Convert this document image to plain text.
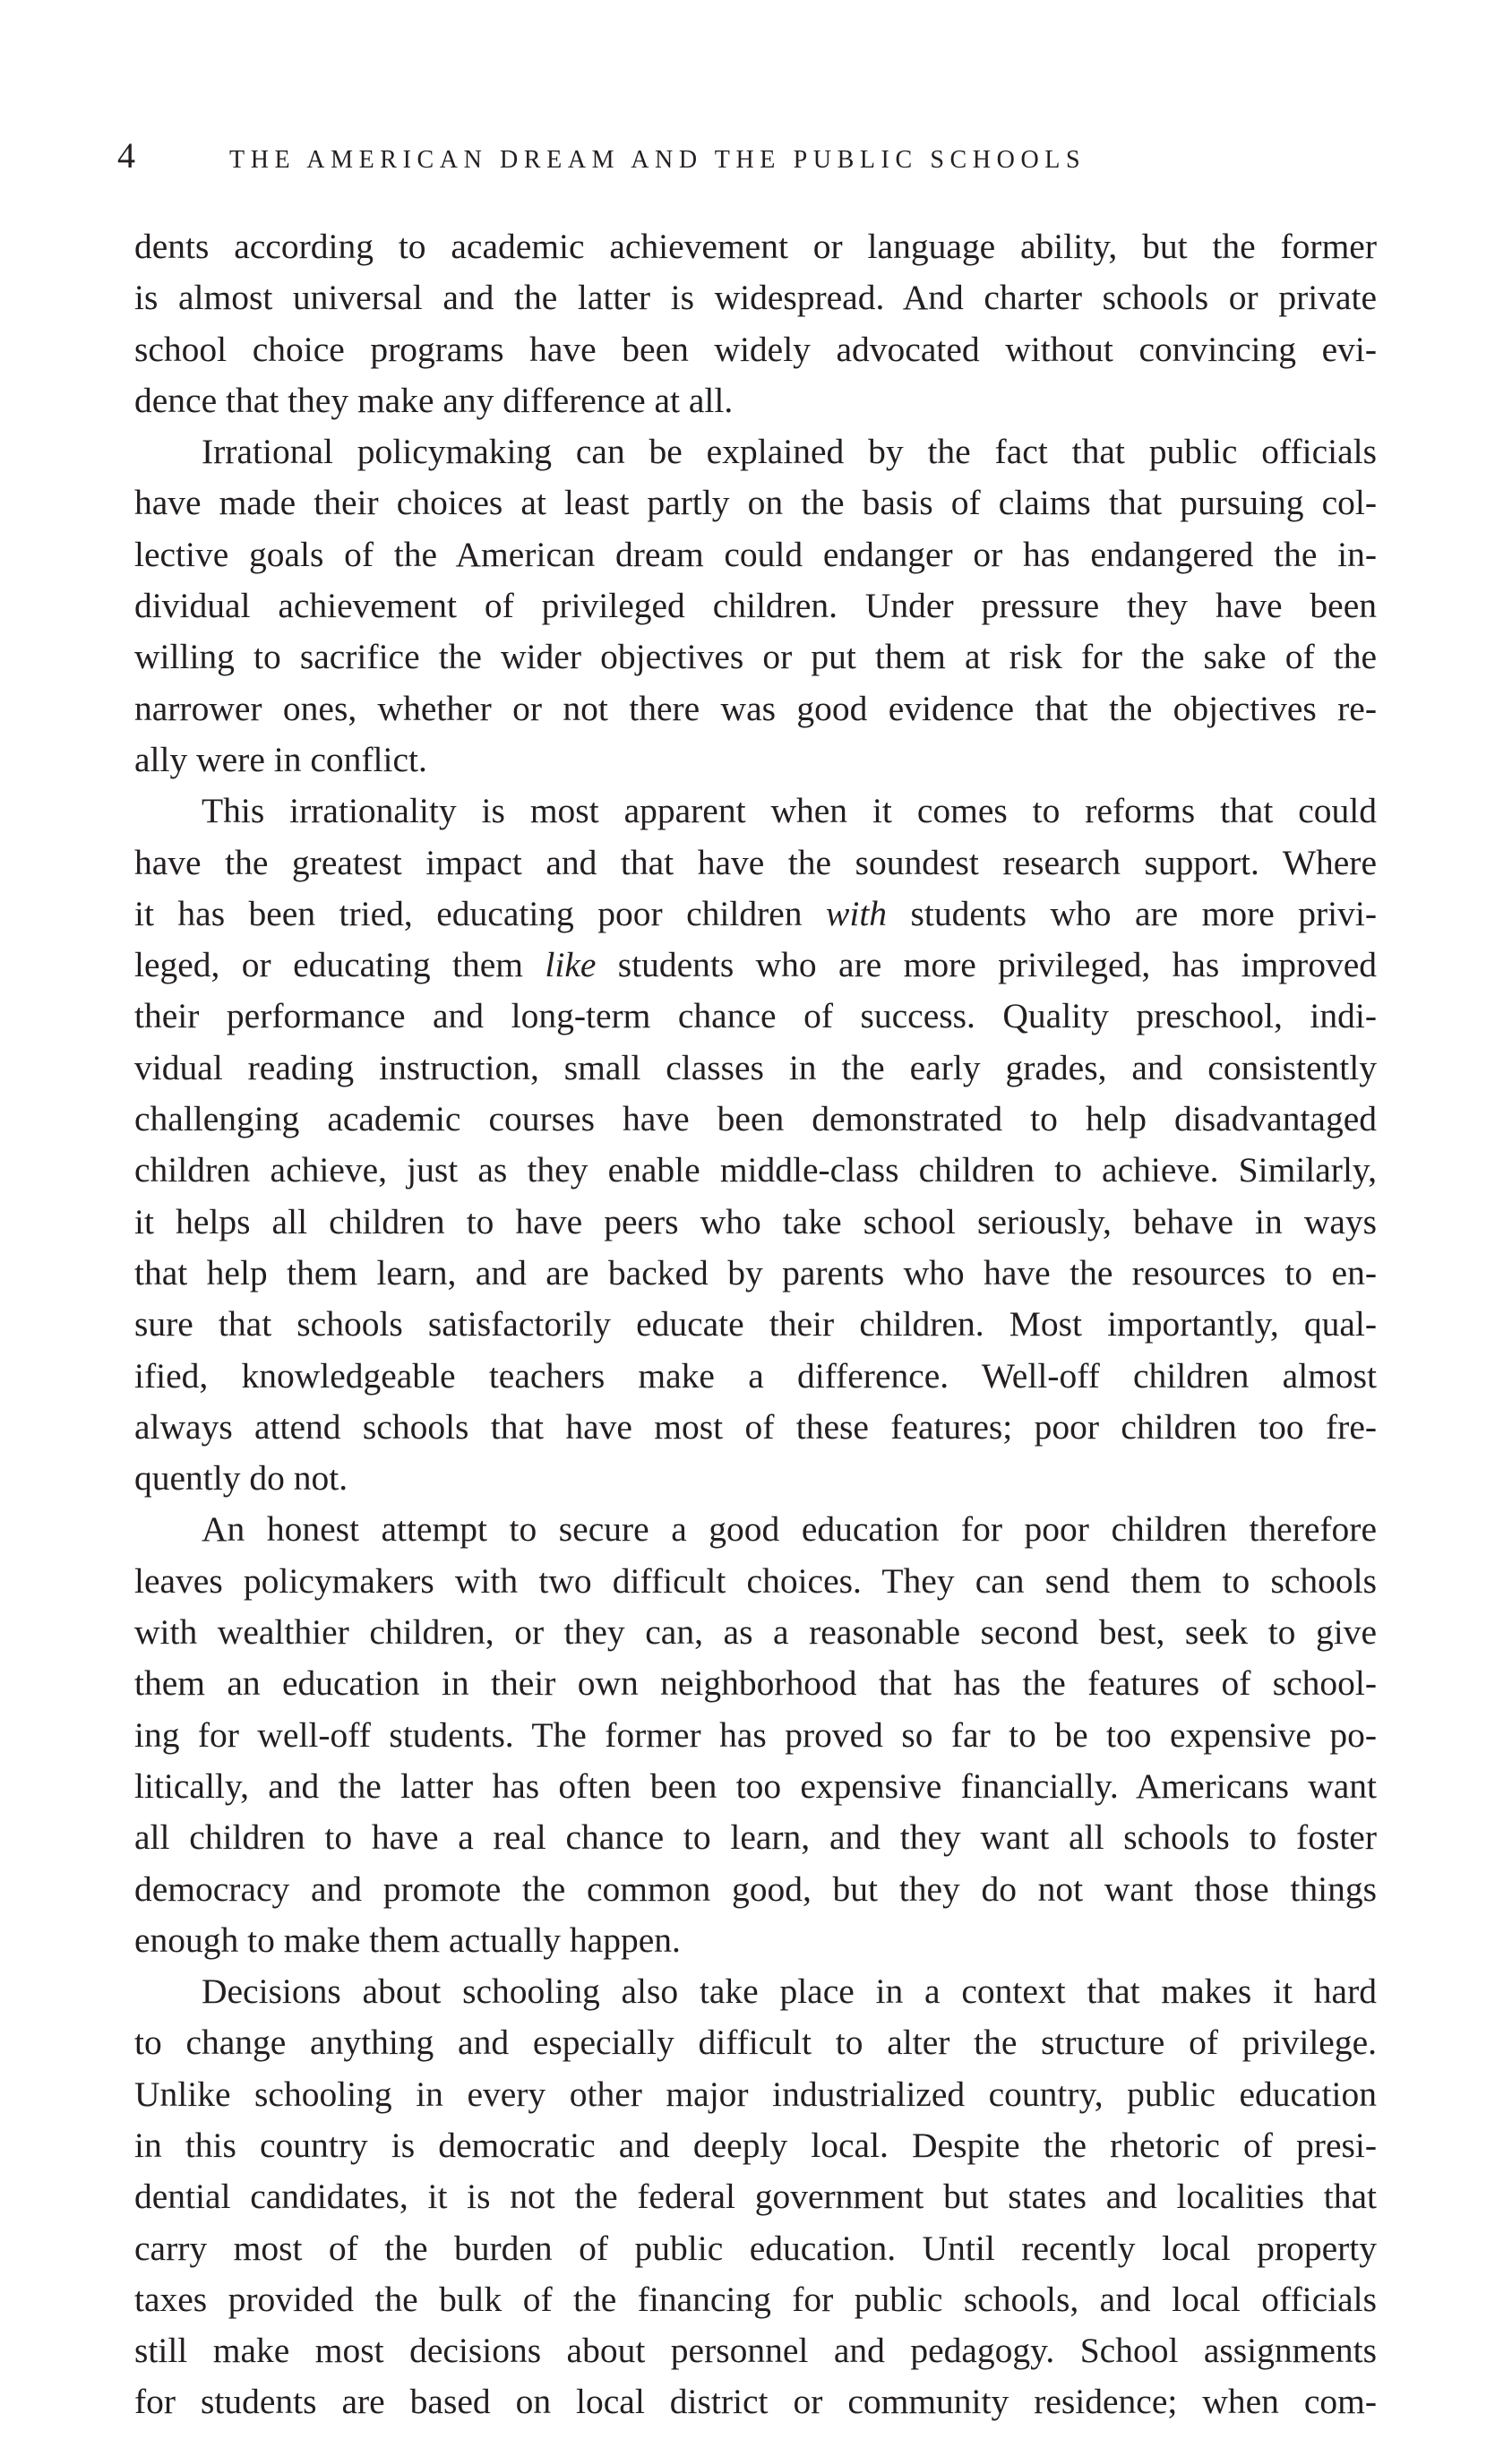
4	THE AMERICAN DREAM AND THE PUBLIC SCHOOLS
dents according to academic achievement or language ability, but the former
is almost universal and the latter is widespread. And charter schools or private
school choice programs have been widely advocated without convincing evi-
dence that they make any difference at all.
Irrational policymaking can be explained by the fact that public officials
have made their choices at least partly on the basis of claims that pursuing col-
lective goals of the American dream could endanger or has endangered the in-
dividual achievement of privileged children. Under pressure they have been
willing to sacrifice the wider objectives or put them at risk for the sake of the
narrower ones, whether or not there was good evidence that the objectives re-
ally were in conflict.
This irrationality is most apparent when it comes to reforms that could
have the greatest impact and that have the soundest research support. Where
it has been tried, educating poor children with students who are more privi-
leged, or educating them like students who are more privileged, has improved
their performance and long-term chance of success. Quality preschool, indi-
vidual reading instruction, small classes in the early grades, and consistently
challenging academic courses have been demonstrated to help disadvantaged
children achieve, just as they enable middle-class children to achieve. Similarly,
it helps all children to have peers who take school seriously, behave in ways
that help them learn, and are backed by parents who have the resources to en-
sure that schools satisfactorily educate their children. Most importantly, qual-
ified, knowledgeable teachers make a difference. Well-off children almost
always attend schools that have most of these features; poor children too fre-
quently do not.
An honest attempt to secure a good education for poor children therefore
leaves policymakers with two difficult choices. They can send them to schools
with wealthier children, or they can, as a reasonable second best, seek to give
them an education in their own neighborhood that has the features of school-
ing for well-off students. The former has proved so far to be too expensive po-
litically, and the latter has often been too expensive financially. Americans want
all children to have a real chance to learn, and they want all schools to foster
democracy and promote the common good, but they do not want those things
enough to make them actually happen.
Decisions about schooling also take place in a context that makes it hard
to change anything and especially difficult to alter the structure of privilege.
Unlike schooling in every other major industrialized country, public education
in this country is democratic and deeply local. Despite the rhetoric of presi-
dential candidates, it is not the federal government but states and localities that
carry most of the burden of public education. Until recently local property
taxes provided the bulk of the financing for public schools, and local officials
still make most decisions about personnel and pedagogy. School assignments
for students are based on local district or community residence; when com-
